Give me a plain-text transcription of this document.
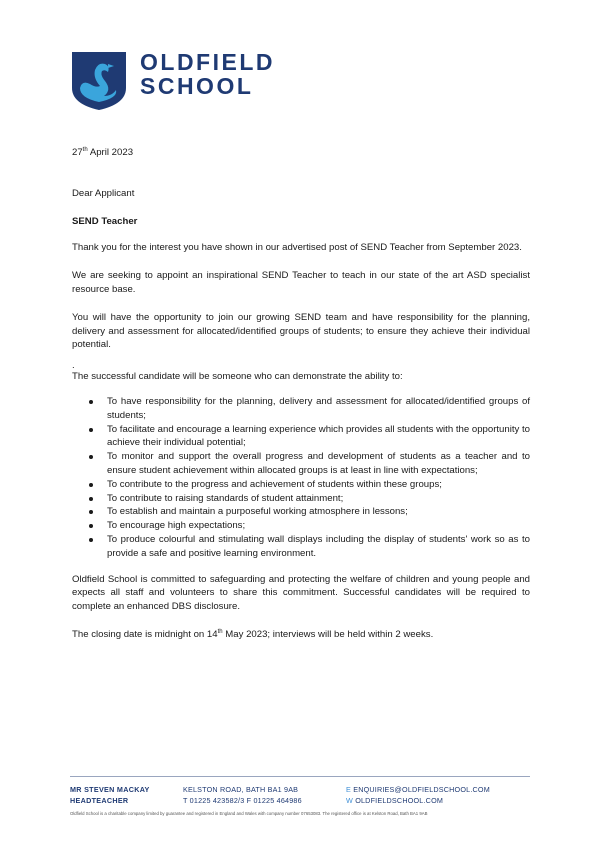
OLDFIELD
SCHOOL

27th April 2023

Dear Applicant

SEND Teacher

Thank you for the interest you have shown in our advertised post of SEND Teacher from September 2023.

We are seeking to appoint an inspirational SEND Teacher to teach in our state of the art ASD specialist resource base.

You will have the opportunity to join our growing SEND team and have responsibility for the planning, delivery and assessment for allocated/identified groups of students; to ensure they achieve their individual potential.

.

The successful candidate will be someone who can demonstrate the ability to:

To have responsibility for the planning, delivery and assessment for allocated/identified groups of students;
To facilitate and encourage a learning experience which provides all students with the opportunity to achieve their individual potential;
To monitor and support the overall progress and development of students as a teacher and to ensure student achievement within allocated groups is at least in line with expectations;
To contribute to the progress and achievement of students within these groups;
To contribute to raising standards of student attainment;
To establish and maintain a purposeful working atmosphere in lessons;
To encourage high expectations;
To produce colourful and stimulating wall displays including the display of students' work so as to provide a safe and positive learning environment.

Oldfield School is committed to safeguarding and protecting the welfare of children and young people and expects all staff and volunteers to share this commitment. Successful candidates will be required to complete an enhanced DBS disclosure.

The closing date is midnight on 14th May 2023; interviews will be held within 2 weeks.

MR STEVEN MACKAY
HEADTEACHER
KELSTON ROAD, BATH BA1 9AB
T 01225 423582/3 F 01225 464986
E ENQUIRIES@OLDFIELDSCHOOL.COM
W OLDFIELDSCHOOL.COM
Oldfield School is a charitable company limited by guarantee and registered in England and Wales with company number 07653083. The registered office is at Kelston Road, Bath BA1 9AB
